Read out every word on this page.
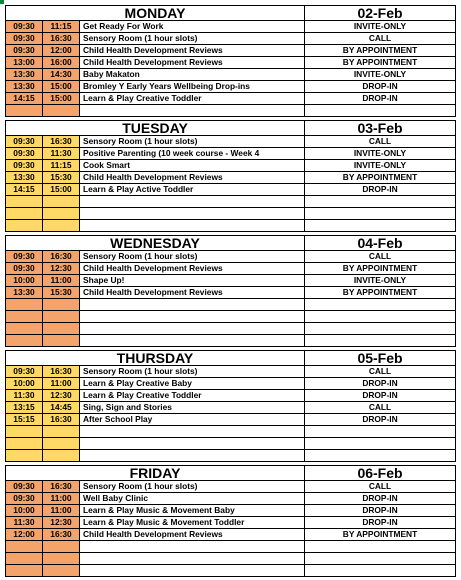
MONDAY	02-Feb
09:30	11:15	Get Ready For Work	INVITE-ONLY
09:30	16:30	Sensory Room (1 hour slots)	CALL
09:30	12:00	Child Health Development Reviews	BY APPOINTMENT
13:00	16:00	Child Health Development Reviews	BY APPOINTMENT
13:30	14:30	Baby Makaton	INVITE-ONLY
13:30	15:00	Bromley Y Early Years Wellbeing Drop-ins	DROP-IN
14:15	15:00	Learn & Play Creative Toddler	DROP-IN
TUESDAY	03-Feb
09:30	16:30	Sensory Room (1 hour slots)	CALL
09:30	11:30	Positive Parenting (10 week course - Week 4	INVITE-ONLY
09:30	11:15	Cook Smart	INVITE-ONLY
13:30	15:30	Child Health Development Reviews	BY APPOINTMENT
14:15	15:00	Learn & Play Active Toddler	DROP-IN
WEDNESDAY	04-Feb
09:30	16:30	Sensory Room (1 hour slots)	CALL
09:30	12:30	Child Health Development Reviews	BY APPOINTMENT
10:00	11:00	Shape Up!	INVITE-ONLY
13:30	15:30	Child Health Development Reviews	BY APPOINTMENT
THURSDAY	05-Feb
09:30	16:30	Sensory Room (1 hour slots)	CALL
10:00	11:00	Learn & Play Creative Baby	DROP-IN
11:30	12:30	Learn & Play Creative Toddler	DROP-IN
13:15	14:45	Sing, Sign and Stories	CALL
15:15	16:30	After School Play	DROP-IN
FRIDAY	06-Feb
09:30	16:30	Sensory Room (1 hour slots)	CALL
09:30	11:00	Well Baby Clinic	DROP-IN
10:00	11:00	Learn & Play Music & Movement Baby	DROP-IN
11:30	12:30	Learn & Play Music & Movement Toddler	DROP-IN
12:00	16:30	Child Health Development Reviews	BY APPOINTMENT
